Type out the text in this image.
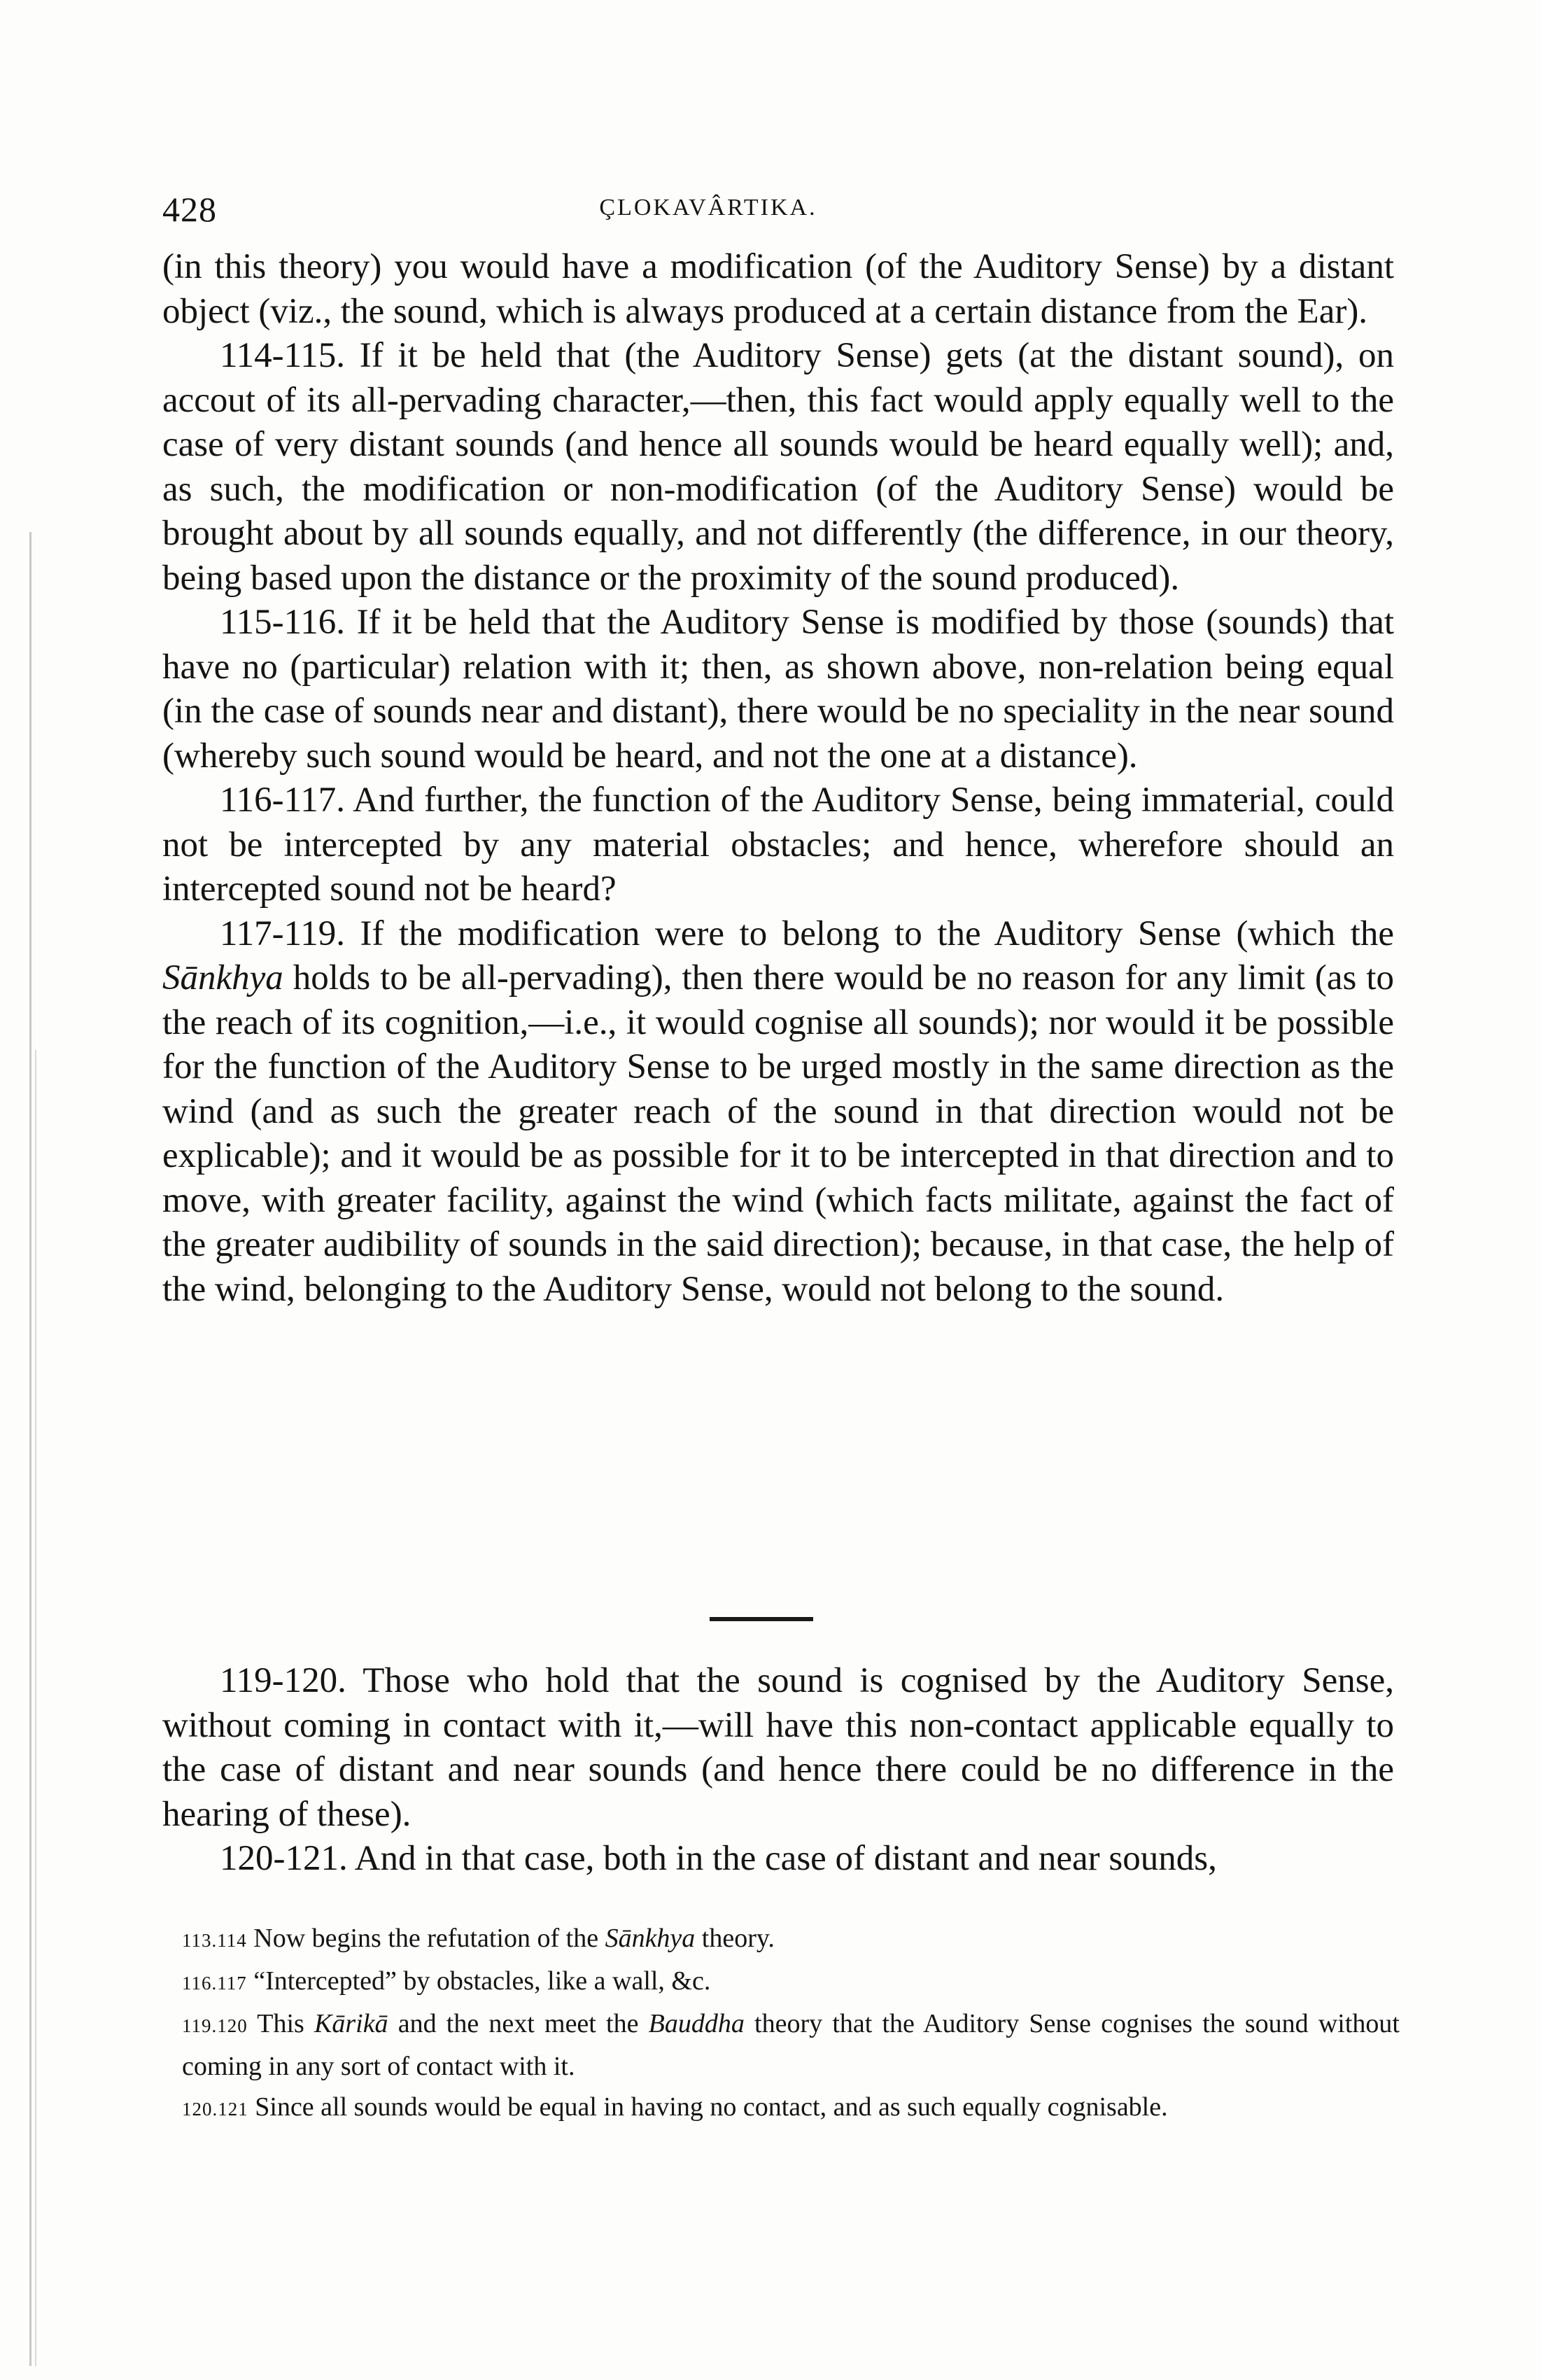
428	ÇLOKAVÂRTIKA.

(in this theory) you would have a modification (of the Auditory Sense) by a distant object (viz., the sound, which is always produced at a certain distance from the Ear).

114-115. If it be held that (the Auditory Sense) gets (at the distant sound), on accout of its all-pervading character,—then, this fact would apply equally well to the case of very distant sounds (and hence all sounds would be heard equally well); and, as such, the modification or non-modification (of the Auditory Sense) would be brought about by all sounds equally, and not differently (the difference, in our theory, being based upon the distance or the proximity of the sound produced).

115-116. If it be held that the Auditory Sense is modified by those (sounds) that have no (particular) relation with it; then, as shown above, non-relation being equal (in the case of sounds near and distant), there would be no speciality in the near sound (whereby such sound would be heard, and not the one at a distance).

116-117. And further, the function of the Auditory Sense, being immaterial, could not be intercepted by any material obstacles; and hence, wherefore should an intercepted sound not be heard?

117-119. If the modification were to belong to the Auditory Sense (which the Sānkhya holds to be all-pervading), then there would be no reason for any limit (as to the reach of its cognition,—i.e., it would cognise all sounds); nor would it be possible for the function of the Auditory Sense to be urged mostly in the same direction as the wind (and as such the greater reach of the sound in that direction would not be explicable); and it would be as possible for it to be intercepted in that direction and to move, with greater facility, against the wind (which facts militate, against the fact of the greater audibility of sounds in the said direction); because, in that case, the help of the wind, belonging to the Auditory Sense, would not belong to the sound.

119-120. Those who hold that the sound is cognised by the Auditory Sense, without coming in contact with it,—will have this non-contact applicable equally to the case of distant and near sounds (and hence there could be no difference in the hearing of these).

120-121. And in that case, both in the case of distant and near sounds,

113.114 Now begins the refutation of the Sānkhya theory.

116.117 “Intercepted” by obstacles, like a wall, &c.

119.120 This Kārikā and the next meet the Bauddha theory that the Auditory Sense cognises the sound without coming in any sort of contact with it.

120.121 Since all sounds would be equal in having no contact, and as such equally cognisable.
